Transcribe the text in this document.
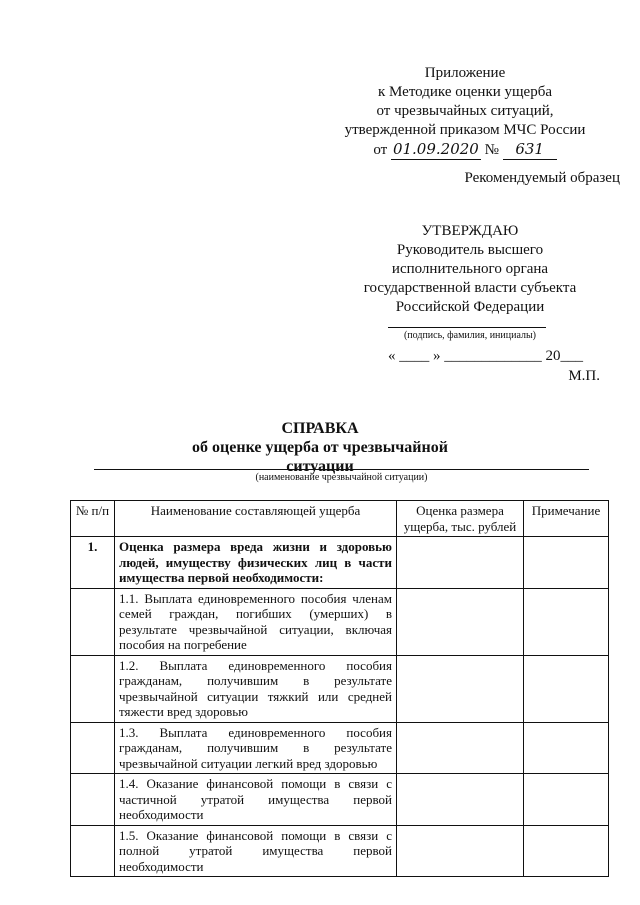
Приложение
к Методике оценки ущерба
от чрезвычайных ситуаций,
утвержденной приказом МЧС России
от 01.09.2020 № 631
Рекомендуемый образец
УТВЕРЖДАЮ
Руководитель высшего
исполнительного органа
государственной власти субъекта
Российской Федерации
(подпись, фамилия, инициалы)
« ____ » _____________ 20___
М.П.
СПРАВКА
об оценке ущерба от чрезвычайной ситуации
(наименование чрезвычайной ситуации)
№ п/п	Наименование составляющей ущерба	Оценка размера ущерба, тыс. рублей	Примечание
1.	Оценка размера вреда жизни и здоровью людей, имуществу физических лиц в части имущества первой необходимости:		
	1.1. Выплата единовременного пособия членам семей граждан, погибших (умерших) в результате чрезвычайной ситуации, включая пособия на погребение		
	1.2. Выплата единовременного пособия гражданам, получившим в результате чрезвычайной ситуации тяжкий или средней тяжести вред здоровью		
	1.3. Выплата единовременного пособия гражданам, получившим в результате чрезвычайной ситуации легкий вред здоровью		
	1.4. Оказание финансовой помощи в связи с частичной утратой имущества первой необходимости		
	1.5. Оказание финансовой помощи в связи с полной утратой имущества первой необходимости		
